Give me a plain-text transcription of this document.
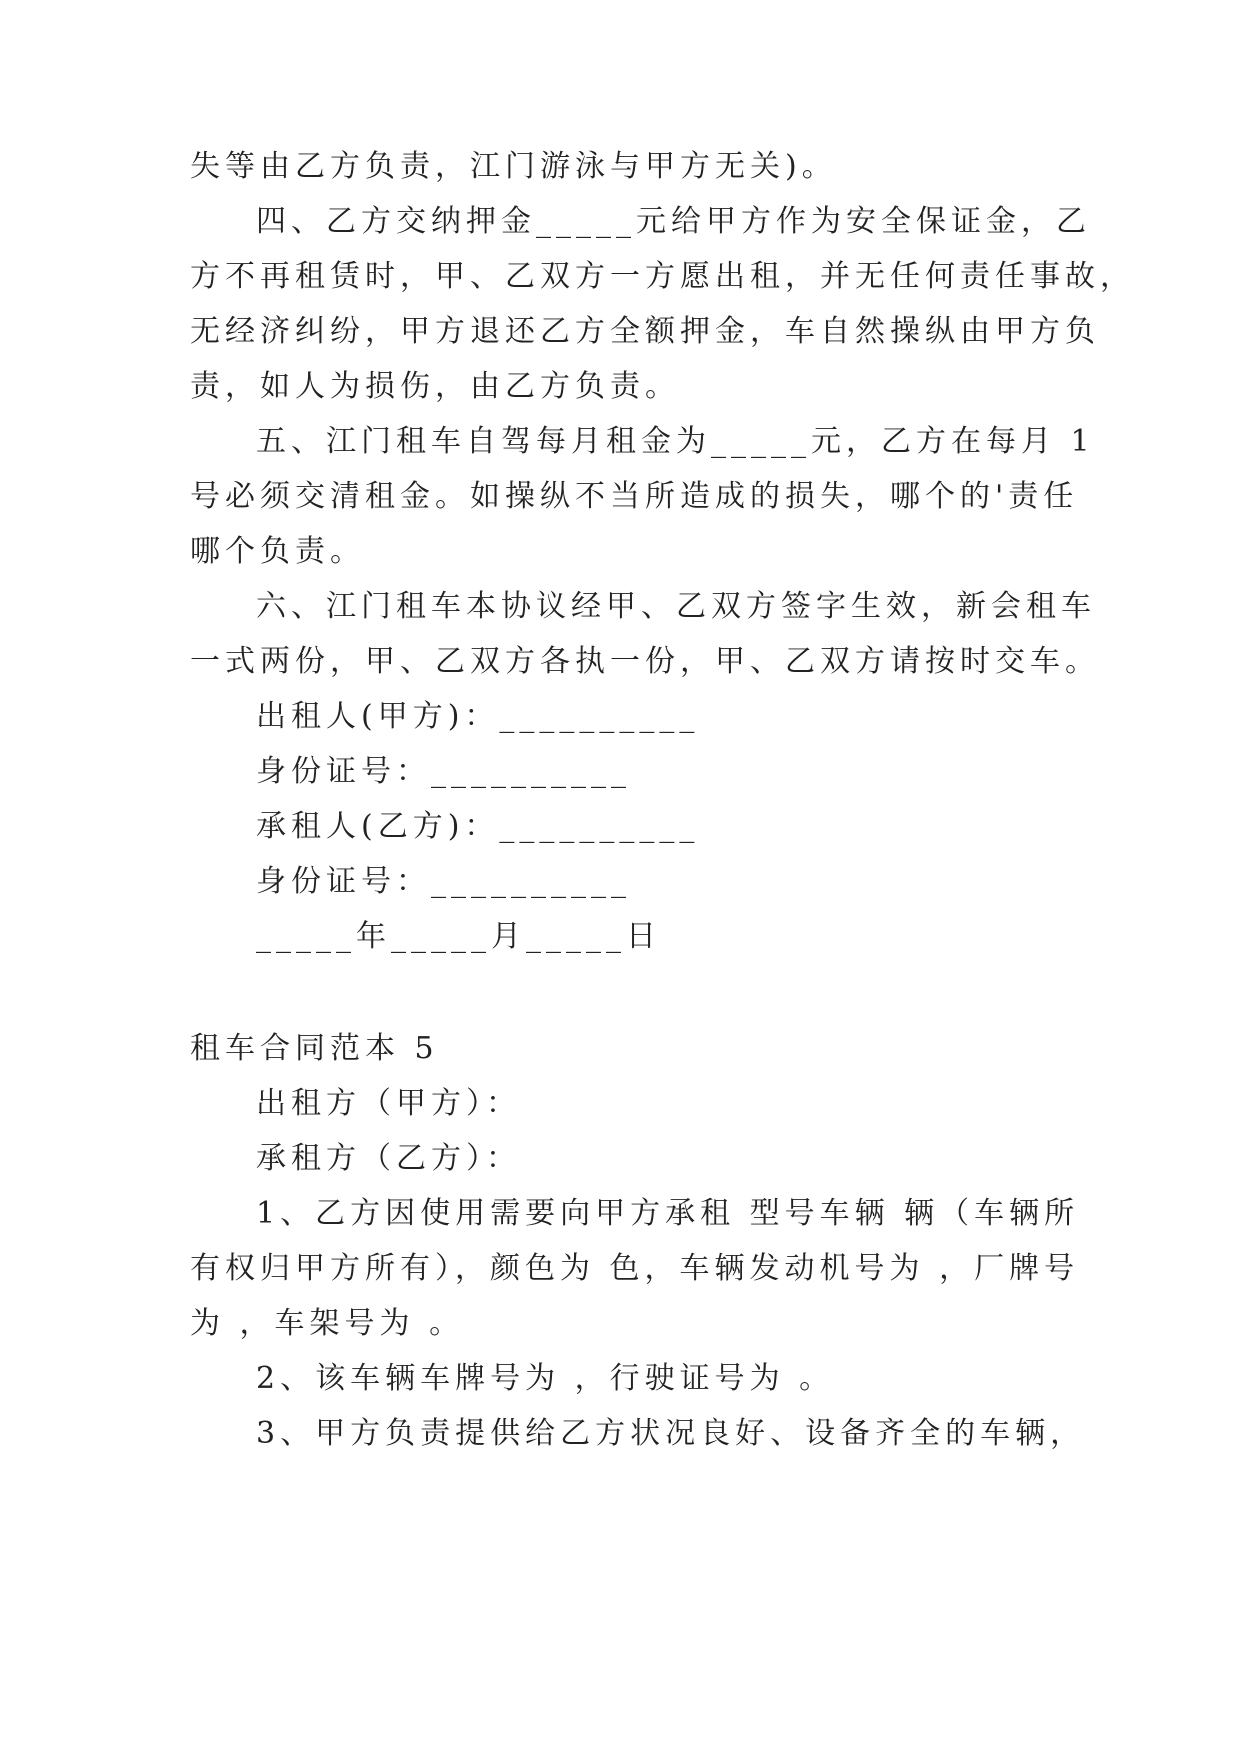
失等由乙方负责，江门游泳与甲方无关)。
四、乙方交纳押金_____元给甲方作为安全保证金，乙
方不再租赁时，甲、乙双方一方愿出租，并无任何责任事故，
无经济纠纷，甲方退还乙方全额押金，车自然操纵由甲方负
责，如人为损伤，由乙方负责。
五、江门租车自驾每月租金为_____元，乙方在每月 1
号必须交清租金。如操纵不当所造成的损失，哪个的'责任
哪个负责。
六、江门租车本协议经甲、乙双方签字生效，新会租车
一式两份，甲、乙双方各执一份，甲、乙双方请按时交车。
出租人(甲方)：__________
身份证号：__________
承租人(乙方)：__________
身份证号：__________
_____年_____月_____日
租车合同范本 5
出租方（甲方）：
承租方（乙方）：
1、乙方因使用需要向甲方承租 型号车辆 辆（车辆所
有权归甲方所有），颜色为 色，车辆发动机号为 ，厂牌号
为 ，车架号为 。
2、该车辆车牌号为 ，行驶证号为 。
3、甲方负责提供给乙方状况良好、设备齐全的车辆，
